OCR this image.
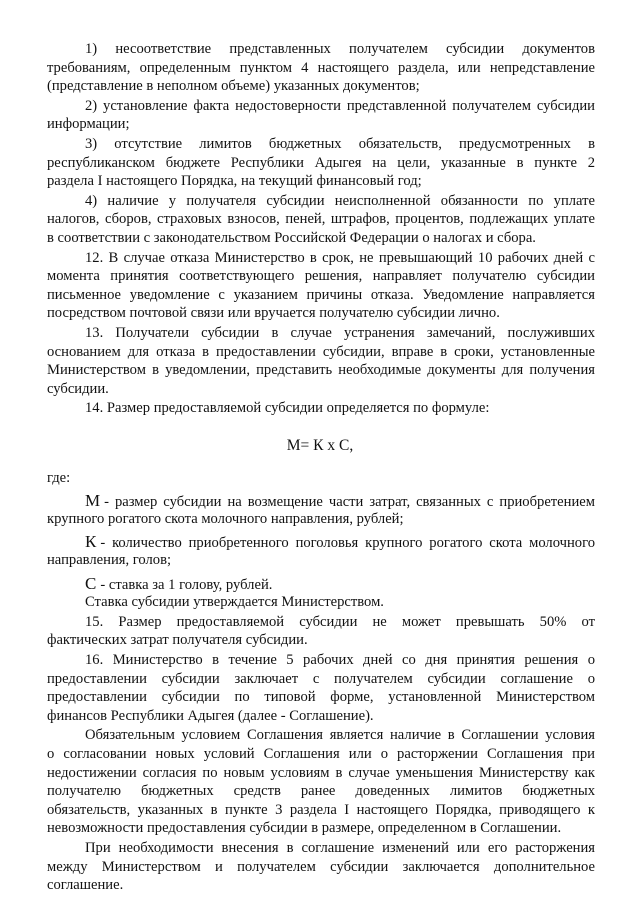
1) несоответствие представленных получателем субсидии документов
требованиям, определенным пунктом 4 настоящего раздела, или непредставление
(представление в неполном объеме) указанных документов;
2) установление факта недостоверности представленной получателем субсидии
информации;
3) отсутствие лимитов бюджетных обязательств, предусмотренных в
республиканском бюджете Республики Адыгея на цели, указанные в пункте 2
раздела I настоящего Порядка, на текущий финансовый год;
4) наличие у получателя субсидии неисполненной обязанности по уплате
налогов, сборов, страховых взносов, пеней, штрафов, процентов, подлежащих уплате
в соответствии с законодательством Российской Федерации о налогах и сбора.
12. В случае отказа Министерство в срок, не превышающий 10 рабочих дней с
момента принятия соответствующего решения, направляет получателю субсидии
письменное уведомление с указанием причины отказа. Уведомление направляется
посредством почтовой связи или вручается получателю субсидии лично.
13. Получатели субсидии в случае устранения замечаний, послуживших
основанием для отказа в предоставлении субсидии, вправе в сроки, установленные
Министерством в уведомлении, представить необходимые документы для получения
субсидии.
14. Размер предоставляемой субсидии определяется по формуле:
М= К х С,
где:
М - размер субсидии на возмещение части затрат, связанных с приобретением
крупного рогатого скота молочного направления, рублей;
К - количество приобретенного поголовья крупного рогатого скота молочного
направления, голов;
С - ставка за 1 голову, рублей.
Ставка субсидии утверждается Министерством.
15. Размер предоставляемой субсидии не может превышать 50% от
фактических затрат получателя субсидии.
16. Министерство в течение 5 рабочих дней со дня принятия решения о
предоставлении субсидии заключает с получателем субсидии соглашение о
предоставлении субсидии по типовой форме, установленной Министерством
финансов Республики Адыгея (далее - Соглашение).
Обязательным условием Соглашения является наличие в Соглашении условия
о согласовании новых условий Соглашения или о расторжении Соглашения при
недостижении согласия по новым условиям в случае уменьшения Министерству как
получателю бюджетных средств ранее доведенных лимитов бюджетных
обязательств, указанных в пункте 3 раздела I настоящего Порядка, приводящего к
невозможности предоставления субсидии в размере, определенном в Соглашении.
При необходимости внесения в соглашение изменений или его расторжения
между Министерством и получателем субсидии заключается дополнительное
соглашение.
